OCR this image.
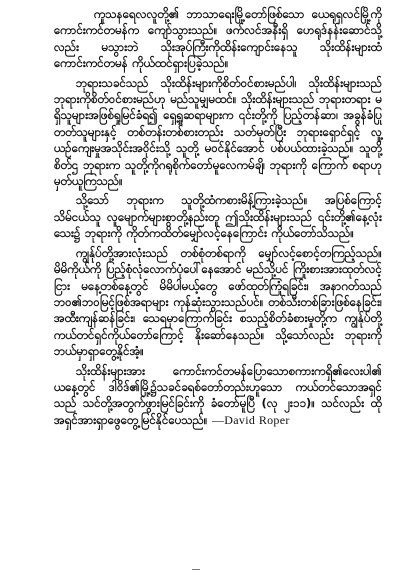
ကူသနရေလလူတို့၏ ဘာသာရေးမြို့တော်ဖြစ်သော ယေရုရှလင်မြို့ကို ကောင်းကင်တမန်က ကျော်သွားသည်။ ဖက်လင်အနီးရှိ ဟေရုဒ်နန်းဆောင်သို့လည်း မသွားဘဲ သိုးအုပ်ကြီးကိုထိန်းကျောင်းနေသူ သိုးထိန်းများထံ ကောင်းကင်တမန် ကိုယ်ထင်ရှားပြခဲ့သည်။

ဘုရားသခင်သည် သိုးထိန်းများကိုစိတ်ဝင်စားမည်ပါ၊ သိုးထိန်းများသည် ဘုရားကိုစိတ်ဝင်စားမည်ဟု မည်သူမျှမထင်။ သိုးထိန်းများသည် ဘုရားတရား မရှိသူများအဖြစ်ရှုမြင်ခံရ၍ ရှေ့ရှုဆရာများက ၎င်းတို့ကို ပြည့်တန်ဆာ၊ အခွန်ခံပြုတတ်သူများနှင့် တစ်တန်းတစ်စားတည်း သတ်မှတ်ပြီး ဘုရားရှောင်ရှင့် လူ့ယဉ်ကျေးမှုအသိုင်းအဝိုင်းသို့ သူတို့ မဝင်နိုင်အောင် ပစ်ပယ်ထားခဲ့သည်။ သူတို့စိတ်ဌ ဘုရားက သူတို့ကိုဂရုစိုက်တော်မူလေကမ်ချိ၊ ဘုရားကို ကြောက် စရာဟု မှတ်ယူကြသည်။

သို့သော် ဘုရားက သူတို့ထံကစားမိန့်ကြားခဲ့သည်။ အပြစ်ကြောင့် သိမ်ငယ်သူ လူမျောက်များစွာတို့နည်းတူ ဤသိုးထိန်းများသည် ၎င်းတို့၏နေ့လုံးသေး၌ ဘုရားကို ကိုတ်ကထိတ်မျှော်လင့်နေကြောင်း ကိုယ်တော်သိသည်။

ကျွန်ုပ်တို့အားလုံးသည် တစ်စုံတစ်ရာကို မျှော်လင့်စောင့်တကြည့်သည်။ မိမိကိုယ်ကို ပြည့်စုံလုံလောက်ပုံပေါ်နေအောင် မည်သို့ပင် ကြိုးစားအားထုတ်လင့်ငြား မနေ့တစ်နေ့တွင် မိမိပါမယ့်တွေ ဖော်ထုတ်ကြုံရခြင်း၊ အနာဂတ်သည် ဘဝ၏ဘဝမြင့်ဖြစ်အရာများ ကုန်ဆုံးသွားသည်ပင်။ တစ်သီးတစ်ခြားဖြစ်နေခြင်း၊ အထီးကျန်ဆန်ခြင်း၊ သေရမှာကြောက်ခြင်း စသည့်စိတ်ခံစားမှုတို့က ကျွန်ုပ်တို့ ကယ်တင်ရှင်ကိုယ်တော်ကြောင့် နိုးဆော်နေသည်။ သို့သော်လည်း ဘုရားကို ဘယ်မှာရှာတွေ့နိုင်အံ့။

သိုးထိန်းများအား ကောင်းကင်တမန်ပြောသောစကားကရှိ၏လေးပါ၏ ယနေ့တွင် ဒါဝိဒ်၏မြို့၌သခင်ခရစ်တော်တည်းဟူသော ကယ်တင်သောအရှင်သည် သင်တို့အတွက်ဖွားမြင်ခြင်းကို ခံတော်မူပြီ (လု ၂း၁၁)။ သင်လည်း ထိုအရှင်အားရှာဖွေတွေ့မြင်နိုင်ပေသည်။ —David Roper
